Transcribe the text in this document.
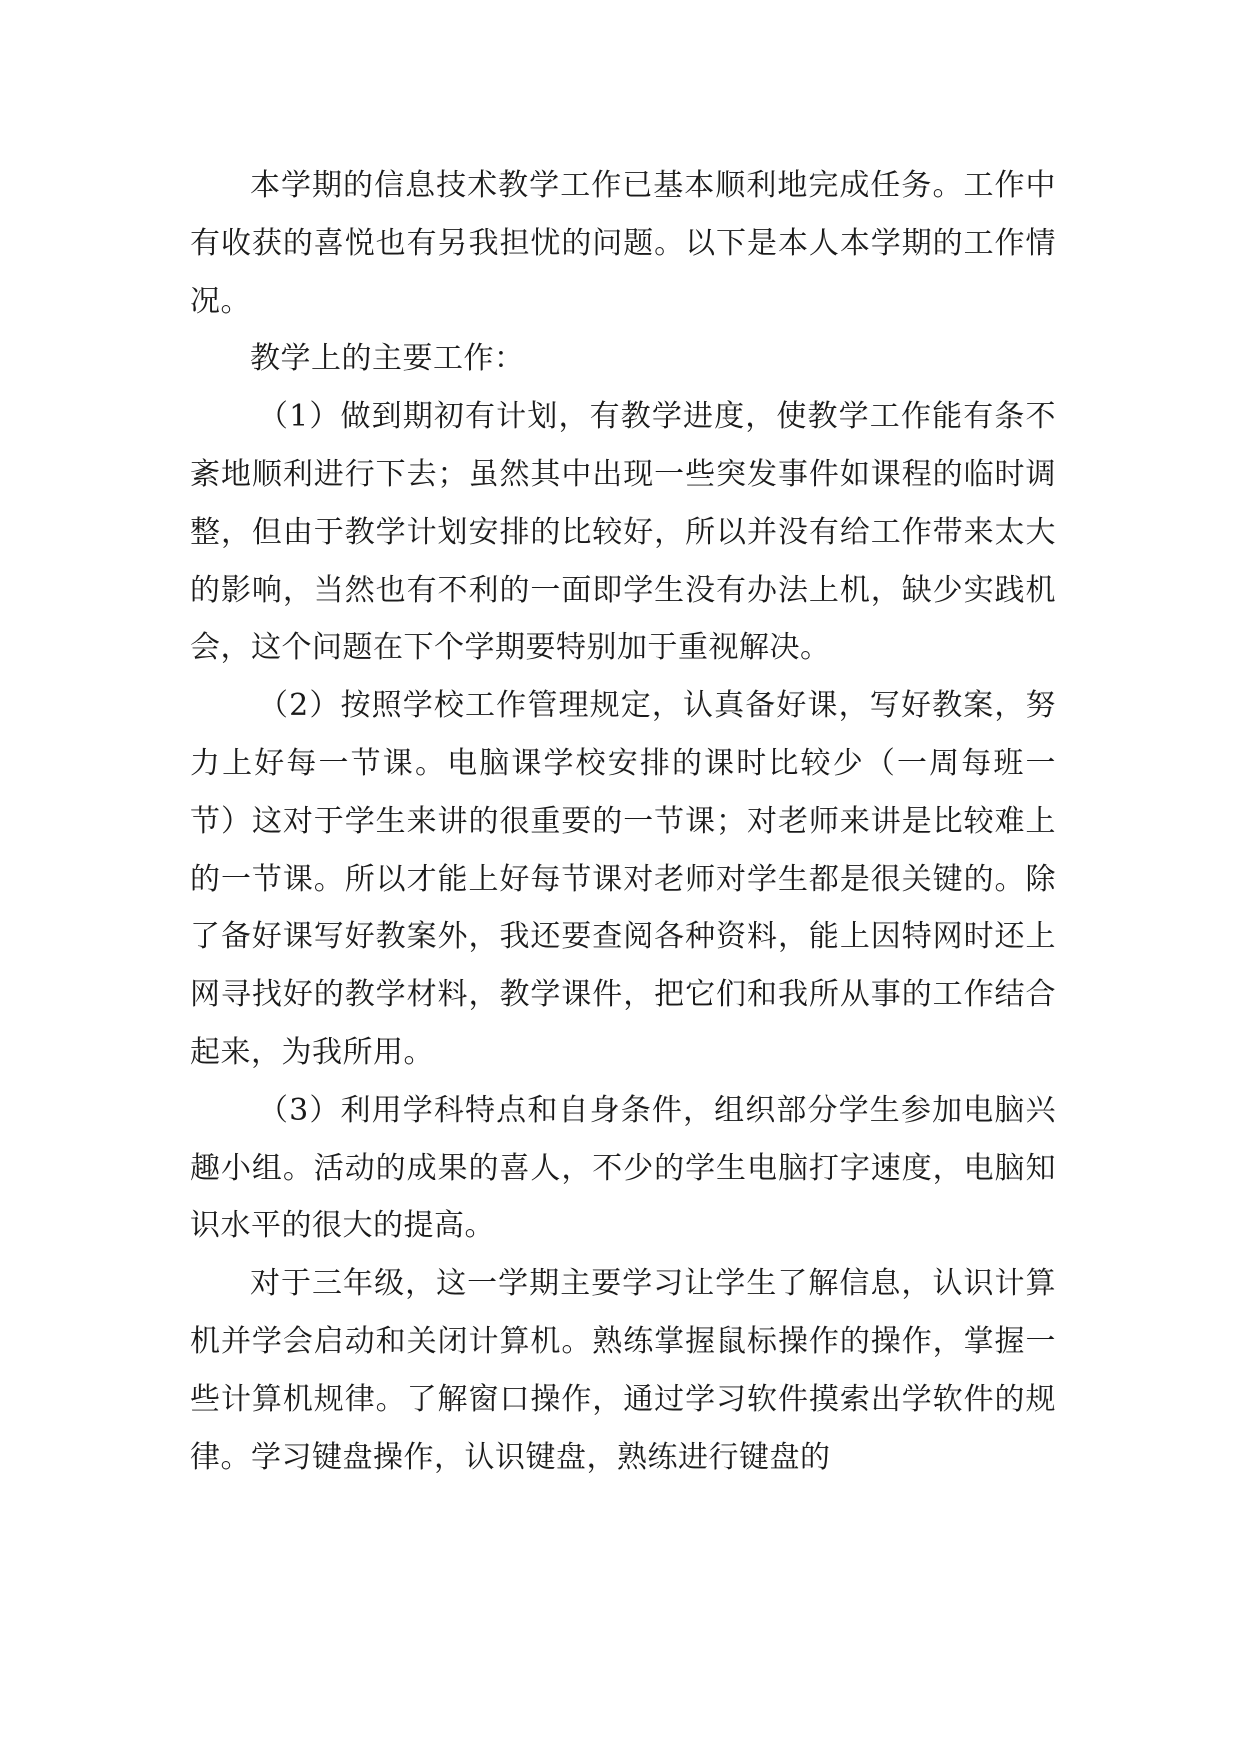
本学期的信息技术教学工作已基本顺利地完成任务。工作中有收获的喜悦也有另我担忧的问题。以下是本人本学期的工作情况。

教学上的主要工作：

（1）做到期初有计划，有教学进度，使教学工作能有条不紊地顺利进行下去；虽然其中出现一些突发事件如课程的临时调整，但由于教学计划安排的比较好，所以并没有给工作带来太大的影响，当然也有不利的一面即学生没有办法上机，缺少实践机会，这个问题在下个学期要特别加于重视解决。

（2）按照学校工作管理规定，认真备好课，写好教案，努力上好每一节课。电脑课学校安排的课时比较少（一周每班一节）这对于学生来讲的很重要的一节课；对老师来讲是比较难上的一节课。所以才能上好每节课对老师对学生都是很关键的。除了备好课写好教案外，我还要查阅各种资料，能上因特网时还上网寻找好的教学材料，教学课件，把它们和我所从事的工作结合起来，为我所用。

（3）利用学科特点和自身条件，组织部分学生参加电脑兴趣小组。活动的成果的喜人，不少的学生电脑打字速度，电脑知识水平的很大的提高。

对于三年级，这一学期主要学习让学生了解信息，认识计算机并学会启动和关闭计算机。熟练掌握鼠标操作的操作，掌握一些计算机规律。了解窗口操作，通过学习软件摸索出学软件的规律。学习键盘操作，认识键盘，熟练进行键盘的
